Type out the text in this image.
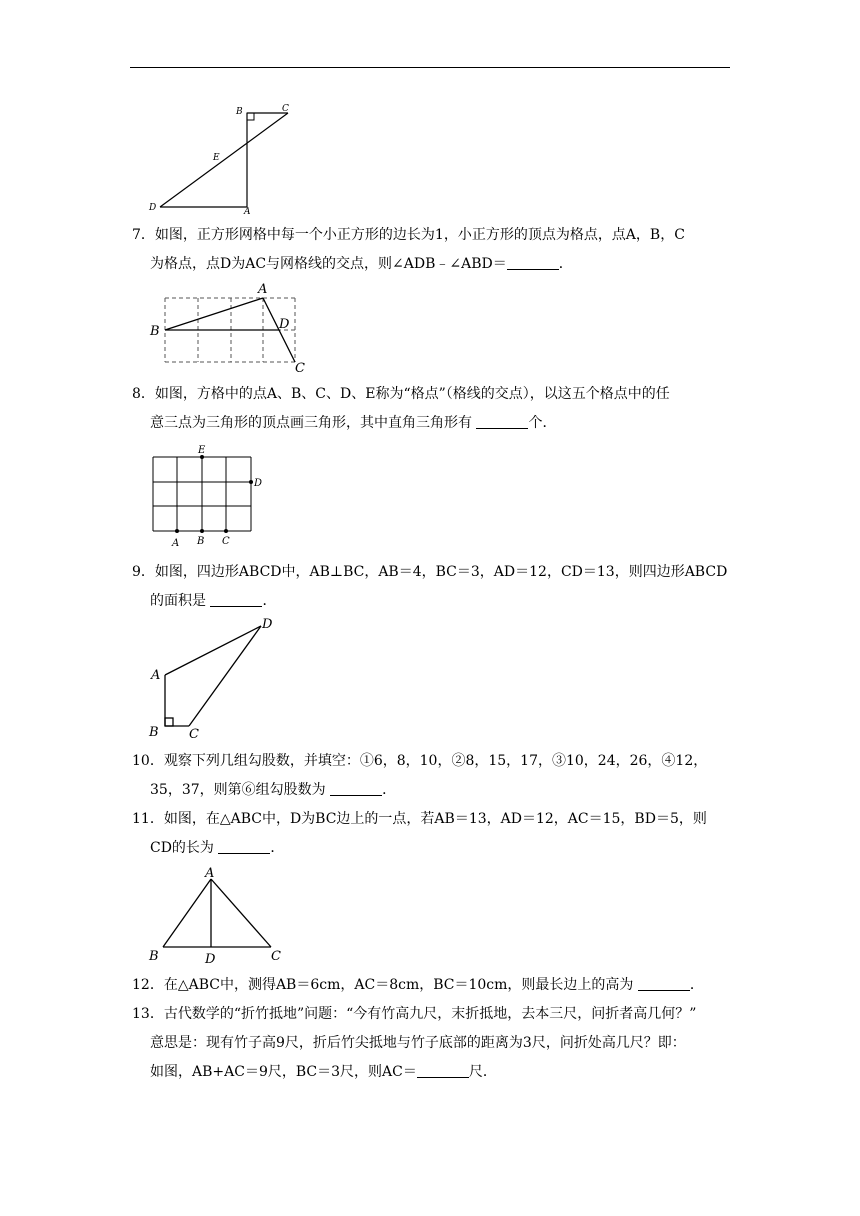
B	C
E
D	A
7．如图，正方形网格中每一个小正方形的边长为1，小正方形的顶点为格点，点A，B，C
为格点，点D为AC与网格线的交点，则∠ADB﹣∠ABD＝	．
A
B	D
C
8．如图，方格中的点A、B、C、D、E称为“格点”（格线的交点），以这五个格点中的任
意三点为三角形的顶点画三角形，其中直角三角形有	个．
E
D
A B C
9．如图，四边形ABCD中，AB⊥BC，AB＝4，BC＝3，AD＝12，CD＝13，则四边形ABCD
的面积是	．
A
B C
D
10．观察下列几组勾股数，并填空：①6，8，10，②8，15，17，③10，24，26，④12，
35，37，则第⑥组勾股数为	．
11．如图，在△ABC中，D为BC边上的一点，若AB＝13，AD＝12，AC＝15，BD＝5，则
CD的长为	．
A
B	D	C
12．在△ABC中，测得AB＝6cm，AC＝8cm，BC＝10cm，则最长边上的高为	．
13．古代数学的“折竹抵地”问题：“今有竹高九尺，末折抵地，去本三尺，问折者高几何？”
意思是：现有竹子高9尺，折后竹尖抵地与竹子底部的距离为3尺，问折处高几尺？即：
如图，AB+AC＝9尺，BC＝3尺，则AC＝	尺．
